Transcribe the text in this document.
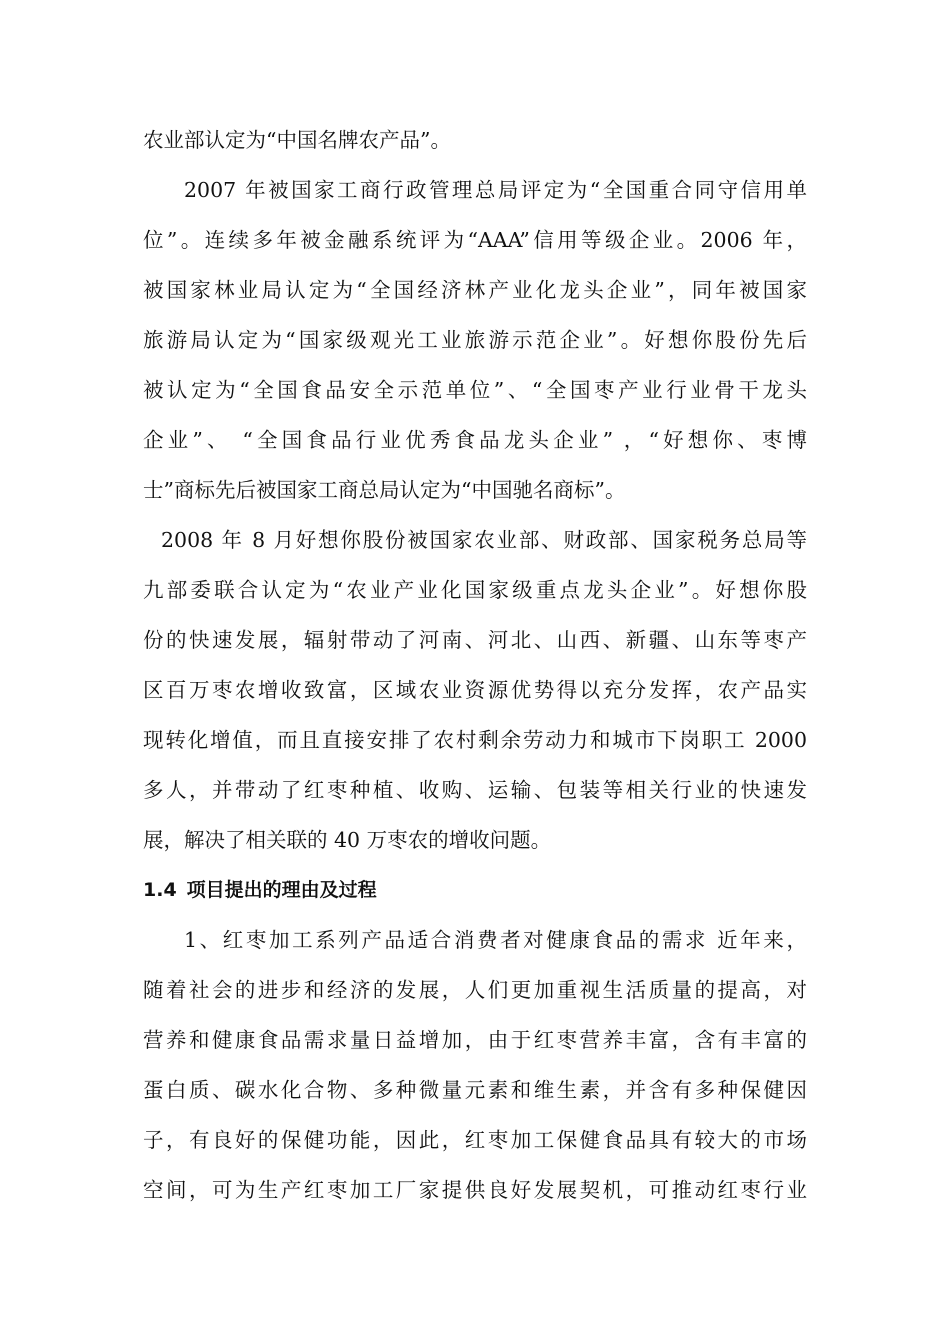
农业部认定为“中国名牌农产品”。
2007 年被国家工商行政管理总局评定为“全国重合同守信用单
位”。连续多年被金融系统评为“AAA”信用等级企业。2006 年，
被国家林业局认定为“全国经济林产业化龙头企业”，同年被国家
旅游局认定为“国家级观光工业旅游示范企业”。好想你股份先后
被认定为“全国食品安全示范单位”、“全国枣产业行业骨干龙头
企业”、 “全国食品行业优秀食品龙头企业” ，“好想你、枣博
士”商标先后被国家工商总局认定为“中国驰名商标”。
2008 年 8 月好想你股份被国家农业部、财政部、国家税务总局等
九部委联合认定为“农业产业化国家级重点龙头企业”。好想你股
份的快速发展，辐射带动了河南、河北、山西、新疆、山东等枣产
区百万枣农增收致富，区域农业资源优势得以充分发挥，农产品实
现转化增值，而且直接安排了农村剩余劳动力和城市下岗职工 2000
多人，并带动了红枣种植、收购、运输、包装等相关行业的快速发
展，解决了相关联的 40 万枣农的增收问题。
1.4 项目提出的理由及过程
1、红枣加工系列产品适合消费者对健康食品的需求 近年来，
随着社会的进步和经济的发展，人们更加重视生活质量的提高，对
营养和健康食品需求量日益增加，由于红枣营养丰富，含有丰富的
蛋白质、碳水化合物、多种微量元素和维生素，并含有多种保健因
子，有良好的保健功能，因此，红枣加工保健食品具有较大的市场
空间，可为生产红枣加工厂家提供良好发展契机，可推动红枣行业
